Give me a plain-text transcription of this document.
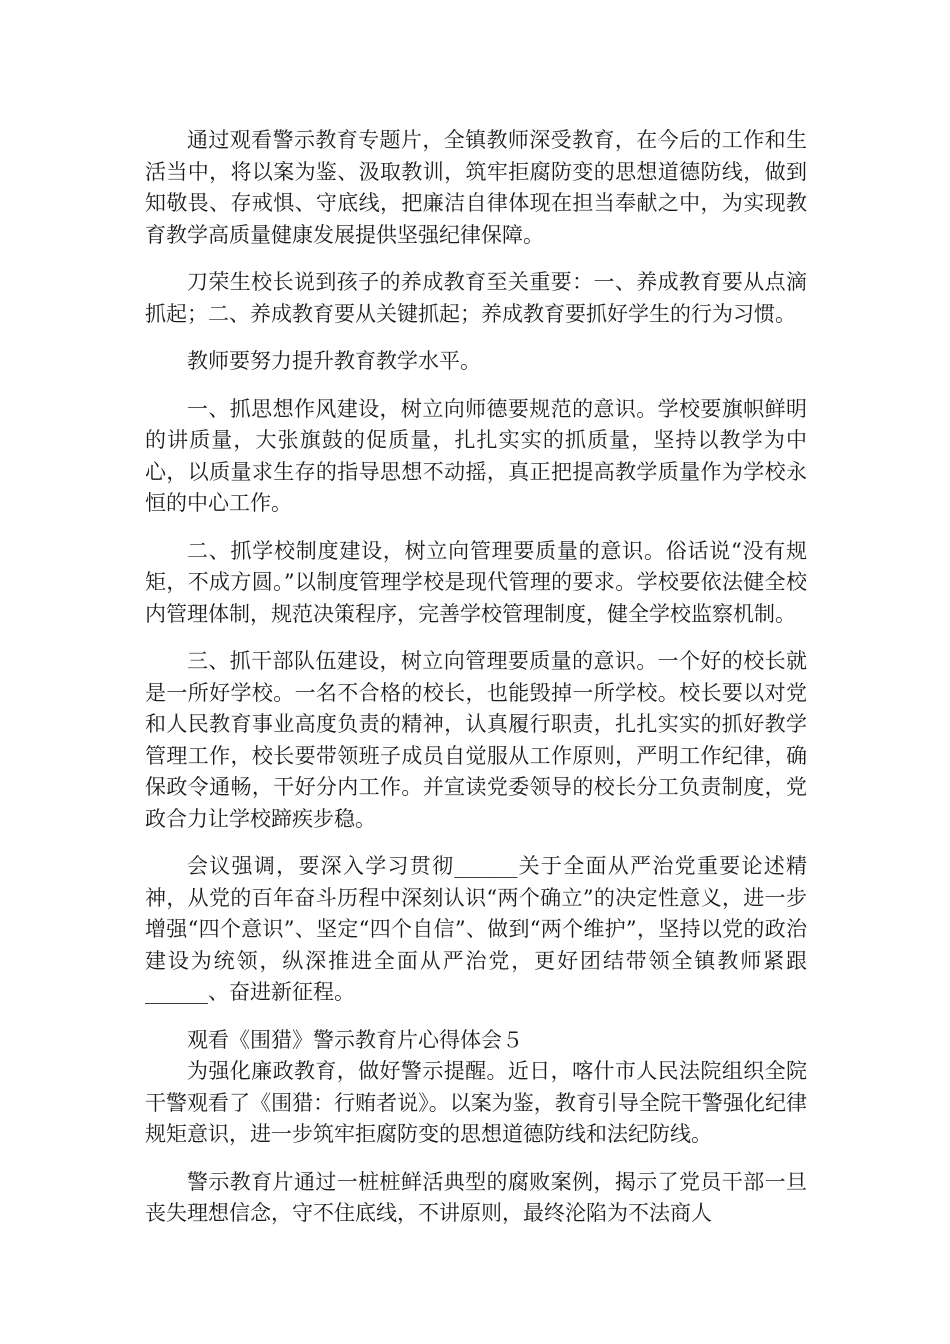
通过观看警示教育专题片，全镇教师深受教育，在今后的工作和生活当中，将以案为鉴、汲取教训，筑牢拒腐防变的思想道德防线，做到知敬畏、存戒惧、守底线，把廉洁自律体现在担当奉献之中，为实现教育教学高质量健康发展提供坚强纪律保障。

刀荣生校长说到孩子的养成教育至关重要：一、养成教育要从点滴抓起；二、养成教育要从关键抓起；养成教育要抓好学生的行为习惯。

教师要努力提升教育教学水平。

一、抓思想作风建设，树立向师德要规范的意识。学校要旗帜鲜明的讲质量，大张旗鼓的促质量，扎扎实实的抓质量，坚持以教学为中心，以质量求生存的指导思想不动摇，真正把提高教学质量作为学校永恒的中心工作。

二、抓学校制度建设，树立向管理要质量的意识。俗话说“没有规矩，不成方圆。”以制度管理学校是现代管理的要求。学校要依法健全校内管理体制，规范决策程序，完善学校管理制度，健全学校监察机制。

三、抓干部队伍建设，树立向管理要质量的意识。一个好的校长就是一所好学校。一名不合格的校长，也能毁掉一所学校。校长要以对党和人民教育事业高度负责的精神，认真履行职责，扎扎实实的抓好教学管理工作，校长要带领班子成员自觉服从工作原则，严明工作纪律，确保政令通畅，干好分内工作。并宣读党委领导的校长分工负责制度，党政合力让学校蹄疾步稳。

会议强调，要深入学习贯彻______关于全面从严治党重要论述精神，从党的百年奋斗历程中深刻认识“两个确立”的决定性意义，进一步增强“四个意识”、坚定“四个自信”、做到“两个维护”，坚持以党的政治建设为统领，纵深推进全面从严治党，更好团结带领全镇教师紧跟______、奋进新征程。

观看《围猎》警示教育片心得体会５

为强化廉政教育，做好警示提醒。近日，喀什市人民法院组织全院干警观看了《围猎：行贿者说》。以案为鉴，教育引导全院干警强化纪律规矩意识，进一步筑牢拒腐防变的思想道德防线和法纪防线。

警示教育片通过一桩桩鲜活典型的腐败案例，揭示了党员干部一旦丧失理想信念，守不住底线，不讲原则，最终沦陷为不法商人
